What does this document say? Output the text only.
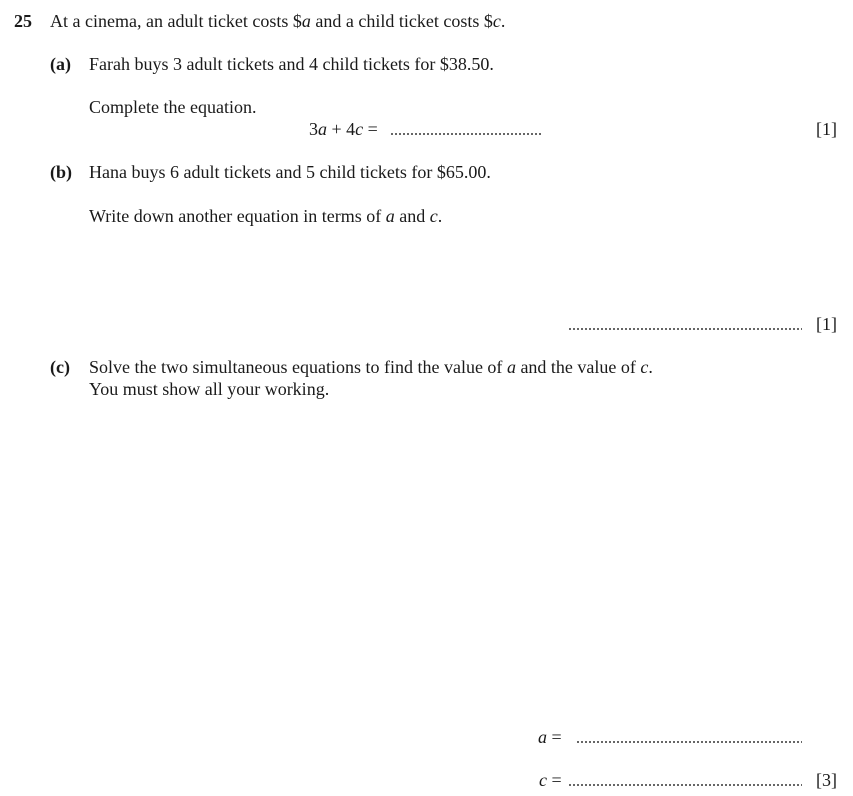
25 At a cinema, an adult ticket costs $a and a child ticket costs $c.
(a) Farah buys 3 adult tickets and 4 child tickets for $38.50.
Complete the equation.
3a + 4c =	[1]
(b) Hana buys 6 adult tickets and 5 child tickets for $65.00.
Write down another equation in terms of a and c.
[1]
(c) Solve the two simultaneous equations to find the value of a and the value of c.
You must show all your working.
a =
c =	[3]
